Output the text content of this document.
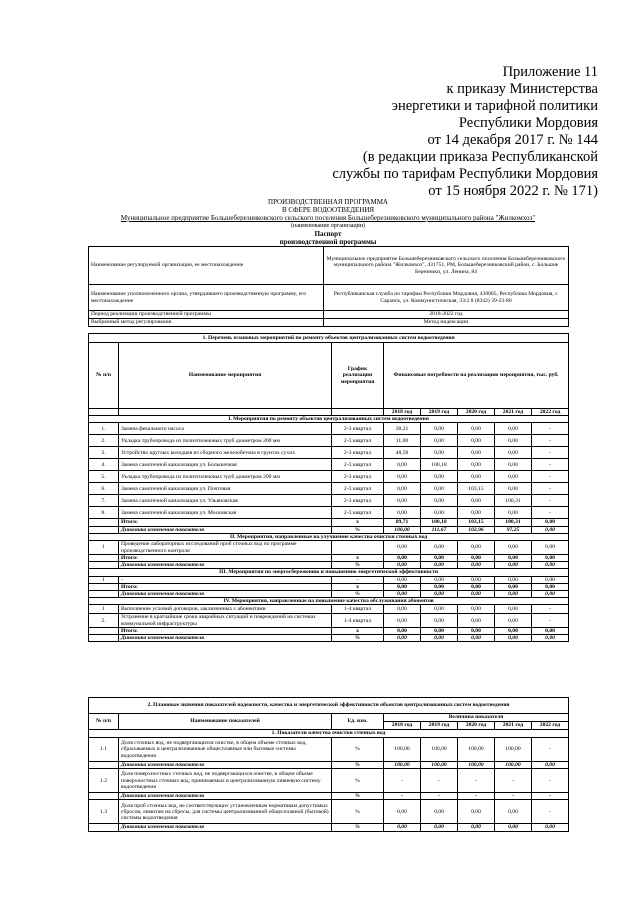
Приложение 11
к приказу Министерства
энергетики и тарифной политики
Республики Мордовия
от 14 декабря 2017 г. № 144
(в редакции приказа Республиканской
службы по тарифам Республики Мордовия
от 15 ноября 2022 г. № 171)
ПРОИЗВОДСТВЕННАЯ ПРОГРАММА
В СФЕРЕ ВОДООТВЕДЕНИЯ
Муниципальное предприятие Большеберезниковского сельского поселения Большеберезниковского муниципального района "Жилкомхоз"
(наименование организации)
Паспорт
производственной программы
Наименование регулируемой организации, ее местонахождение	Муниципальное предприятие Большеберезниковского сельского поселения Большеберезниковского муниципального района "Жилкомхоз", 431751, РМ, Большеберезниковский район, с. Большие Березники, ул. Ленина, 84
Наименование уполномоченного органа, утвердившего производственную программу, его местонахождение	Республиканская служба по тарифам Республики Мордовия, 430005, Республика Мордовия, г. Саранск, ул. Коммунистическая, 33/2 8 (8342) 39-23-80
Период реализации производственной программы	2018-2022 год
Выбранный метод регулирования	Метод индексации
1. Перечень плановых мероприятий по ремонту объектов централизованных систем водоотведения							
№ п/п	Наименование мероприятия	График реализации мероприятия	Финансовые потребности на реализацию мероприятия, тыс. руб.				
			2018 год	2019 год	2020 год	2021 год	2022 год
I. Мероприятия по ремонту объектов централизованных систем водоотведения							
1.	Замена фекального насоса	2-3 квартал	30,21	0,00	0,00	0,00	-
2.	Укладка трубопровода из полиэтиленовых труб диаметром 200 мм	2-3 квартал	11,00	0,00	0,00	0,00	-
3.	Устройство круглых колодцев из сборного железобетона в грунтах сухих	2-3 квартал	48,50	0,00	0,00	0,00	-
4.	Замена самотечной канализации ул. Большечная	2-3 квартал	0,00	100,18	0,00	0,00	-
5.	Укладка трубопровода из полиэтиленовых труб диаметром 200 мм	2-3 квартал	0,00	0,00	0,00	0,00	-
6.	Замена самотечной канализации ул. Почтовая	2-3 квартал	0,00	0,00	103,15	0,00	-
7.	Замена самотечной канализации ул. Ульяновская	2-3 квартал	0,00	0,00	0,00	100,31	-
8.	Замена самотечной канализации ул. Московская	2-3 квартал	0,00	0,00	0,00	0,00	-
	Итого:	х	89,71	100,18	103,15	100,31	0,00
	Динамика изменения показателя	%	100,00	111,67	102,96	97,25	0,00
II. Мероприятия, направленные на улучшение качества очистки сточных вод							
1	Проведение лабораторных исследований проб сточных вод по программе производственного контроля		0,00	0,00	0,00	0,00	0,00
	Итого:	х	0,00	0,00	0,00	0,00	0,00
	Динамика изменения показателя	%	0,00	0,00	0,00	0,00	0,00
III. Мероприятия по энергосбережению и повышению энергетической эффективности							
1	-	-	0,00	0,00	0,00	0,00	0,00
	Итого:	х	0,00	0,00	0,00	0,00	0,00
	Динамика изменения показателя	%	0,00	0,00	0,00	0,00	0,00
IV. Мероприятия, направленные на повышение качества обслуживания абонентов							
1	Выполнение условий договоров, заключенных с абонентами	1-4 квартал	0,00	0,00	0,00	0,00	-
2.	Устранение в кратчайшие сроки аварийных ситуаций и повреждений на системах коммунальной инфраструктуры	1-4 квартал	0,00	0,00	0,00	0,00	-
	Итого:	х	0,00	0,00	0,00	0,00	0,00
	Динамика изменения показателя	%	0,00	0,00	0,00	0,00	0,00
2. Плановые значения показателей надежности, качества и энергетической эффективности объектов централизованных систем водоотведения							
№ п/п	Наименование показателей	Ед. изм.	Величина показателя				
			2018 год	2019 год	2020 год	2021 год	2022 год
1. Показатели качества очистки сточных вод							
1.1	Доля сточных вод, не подвергающихся очистке, в общем объеме сточных вод, сбрасываемых в централизованные общесплавные или бытовые системы водоотведения	%	100,00	100,00	100,00	100,00	-
	Динамика изменения показателя	%	100,00	100,00	100,00	100,00	0,00
1.2	Доля поверхностных сточных вод, не подвергающихся очистке, в общем объеме поверхностных сточных вод, принимаемых в централизованную ливневую систему водоотведения	%	-	-	-	-	-
	Динамика изменения показателя	%	-	-	-	-	-
1.3	Доля проб сточных вод, не соответствующих установленным нормативам допустимых сбросов, лимитам на сбросы, для системы централизованной общесплавной (бытовой) системы водоотведения	%	0,00	0,00	0,00	0,00	-
	Динамика изменения показателя	%	0,00	0,00	0,00	0,00	0,00
